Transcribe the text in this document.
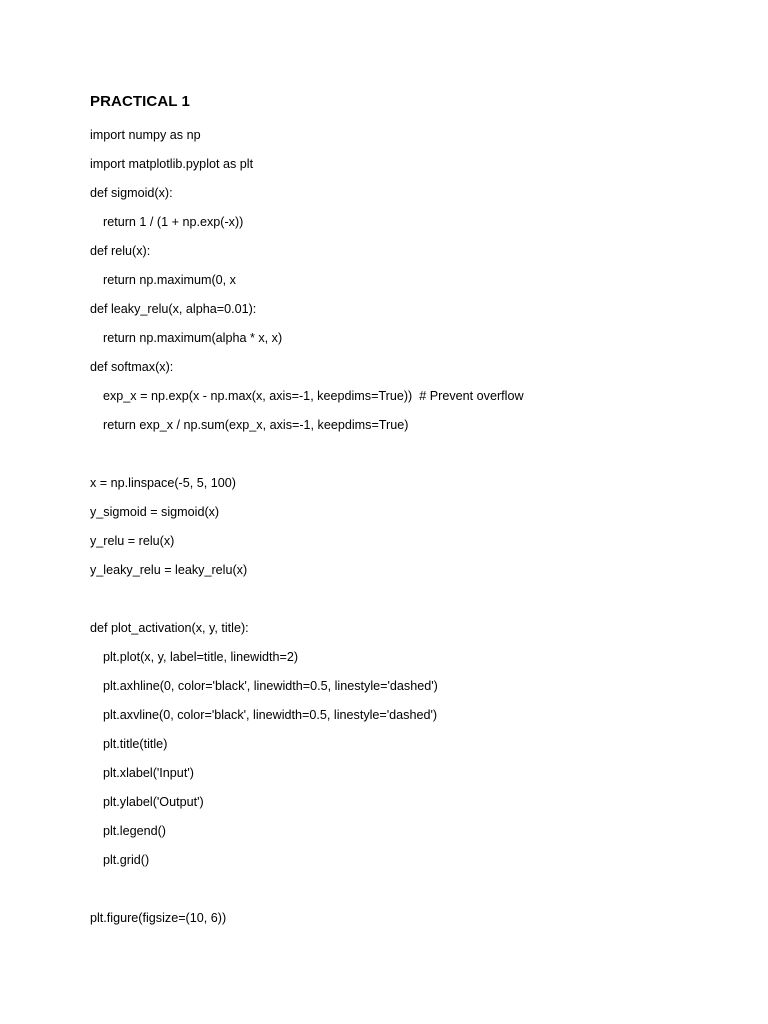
PRACTICAL 1
import numpy as np
import matplotlib.pyplot as plt
def sigmoid(x):
return 1 / (1 + np.exp(-x))
def relu(x):
return np.maximum(0, x
def leaky_relu(x, alpha=0.01):
return np.maximum(alpha * x, x)
def softmax(x):
exp_x = np.exp(x - np.max(x, axis=-1, keepdims=True))  # Prevent overflow
return exp_x / np.sum(exp_x, axis=-1, keepdims=True)
x = np.linspace(-5, 5, 100)
y_sigmoid = sigmoid(x)
y_relu = relu(x)
y_leaky_relu = leaky_relu(x)
def plot_activation(x, y, title):
plt.plot(x, y, label=title, linewidth=2)
plt.axhline(0, color='black', linewidth=0.5, linestyle='dashed')
plt.axvline(0, color='black', linewidth=0.5, linestyle='dashed')
plt.title(title)
plt.xlabel('Input')
plt.ylabel('Output')
plt.legend()
plt.grid()
plt.figure(figsize=(10, 6))
